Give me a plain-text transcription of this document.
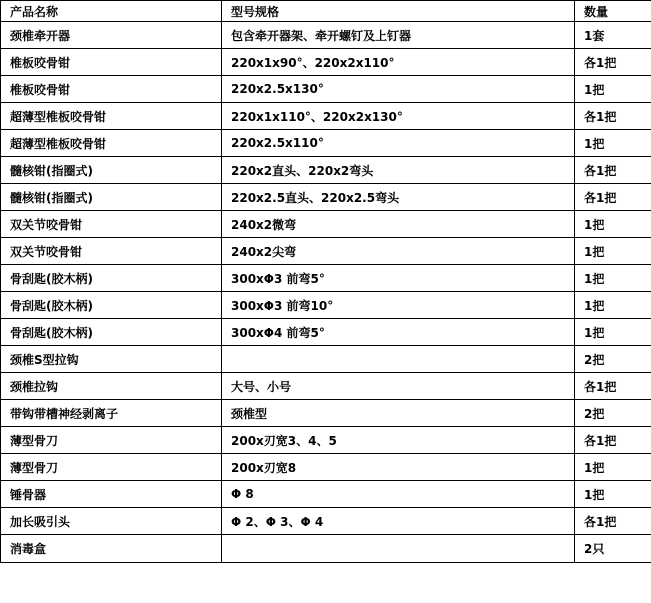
产品名称	型号规格	数量
颈椎牵开器	包含牵开器架、牵开螺钉及上钉器	1套
椎板咬骨钳	220x1x90°、220x2x110°	各1把
椎板咬骨钳	220x2.5x130°	1把
超薄型椎板咬骨钳	220x1x110°、220x2x130°	各1把
超薄型椎板咬骨钳	220x2.5x110°	1把
髓核钳(指圈式)	220x2直头、220x2弯头	各1把
髓核钳(指圈式)	220x2.5直头、220x2.5弯头	各1把
双关节咬骨钳	240x2微弯	1把
双关节咬骨钳	240x2尖弯	1把
骨刮匙(胶木柄)	300xΦ3 前弯5°	1把
骨刮匙(胶木柄)	300xΦ3 前弯10°	1把
骨刮匙(胶木柄)	300xΦ4 前弯5°	1把
颈椎S型拉钩		2把
颈椎拉钩	大号、小号	各1把
带钩带槽神经剥离子	颈椎型	2把
薄型骨刀	200x刃宽3、4、5	各1把
薄型骨刀	200x刃宽8	1把
锤骨器	Φ 8	1把
加长吸引头	Φ 2、Φ 3、Φ 4	各1把
消毒盒		2只
